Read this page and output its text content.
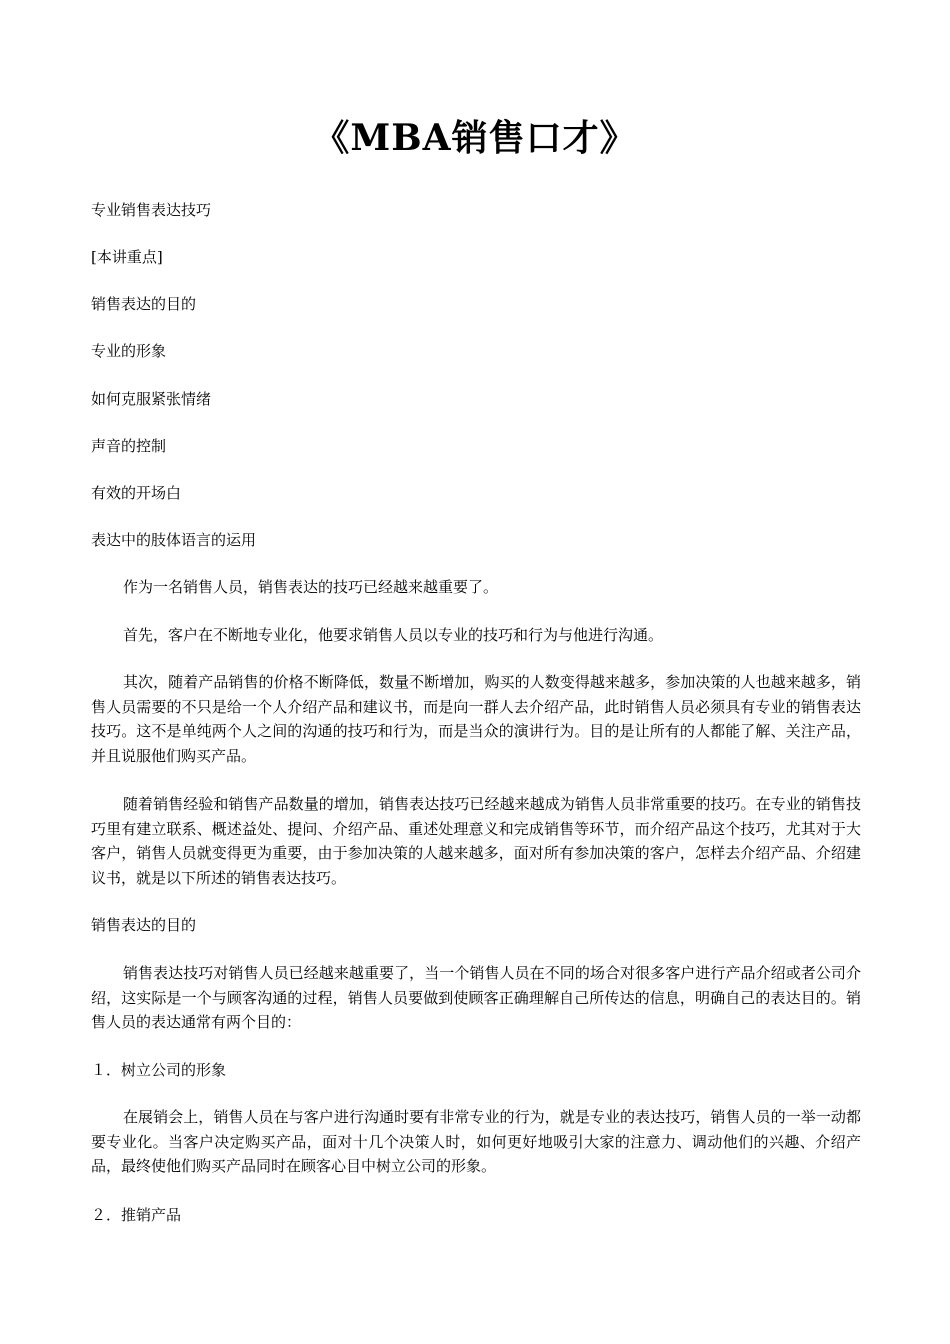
《MBA销售口才》
专业销售表达技巧
[本讲重点]
销售表达的目的
专业的形象
如何克服紧张情绪
声音的控制
有效的开场白
表达中的肢体语言的运用
作为一名销售人员，销售表达的技巧已经越来越重要了。
首先，客户在不断地专业化，他要求销售人员以专业的技巧和行为与他进行沟通。
其次，随着产品销售的价格不断降低，数量不断增加，购买的人数变得越来越多，参加决策的人也越来越多，销售人员需要的不只是给一个人介绍产品和建议书，而是向一群人去介绍产品，此时销售人员必须具有专业的销售表达技巧。这不是单纯两个人之间的沟通的技巧和行为，而是当众的演讲行为。目的是让所有的人都能了解、关注产品，并且说服他们购买产品。
随着销售经验和销售产品数量的增加，销售表达技巧已经越来越成为销售人员非常重要的技巧。在专业的销售技巧里有建立联系、概述益处、提问、介绍产品、重述处理意义和完成销售等环节，而介绍产品这个技巧，尤其对于大客户，销售人员就变得更为重要，由于参加决策的人越来越多，面对所有参加决策的客户，怎样去介绍产品、介绍建议书，就是以下所述的销售表达技巧。
销售表达的目的
销售表达技巧对销售人员已经越来越重要了，当一个销售人员在不同的场合对很多客户进行产品介绍或者公司介绍，这实际是一个与顾客沟通的过程，销售人员要做到使顾客正确理解自己所传达的信息，明确自己的表达目的。销售人员的表达通常有两个目的：
１．树立公司的形象
在展销会上，销售人员在与客户进行沟通时要有非常专业的行为，就是专业的表达技巧，销售人员的一举一动都要专业化。当客户决定购买产品，面对十几个决策人时，如何更好地吸引大家的注意力、调动他们的兴趣、介绍产品，最终使他们购买产品同时在顾客心目中树立公司的形象。
２．推销产品
